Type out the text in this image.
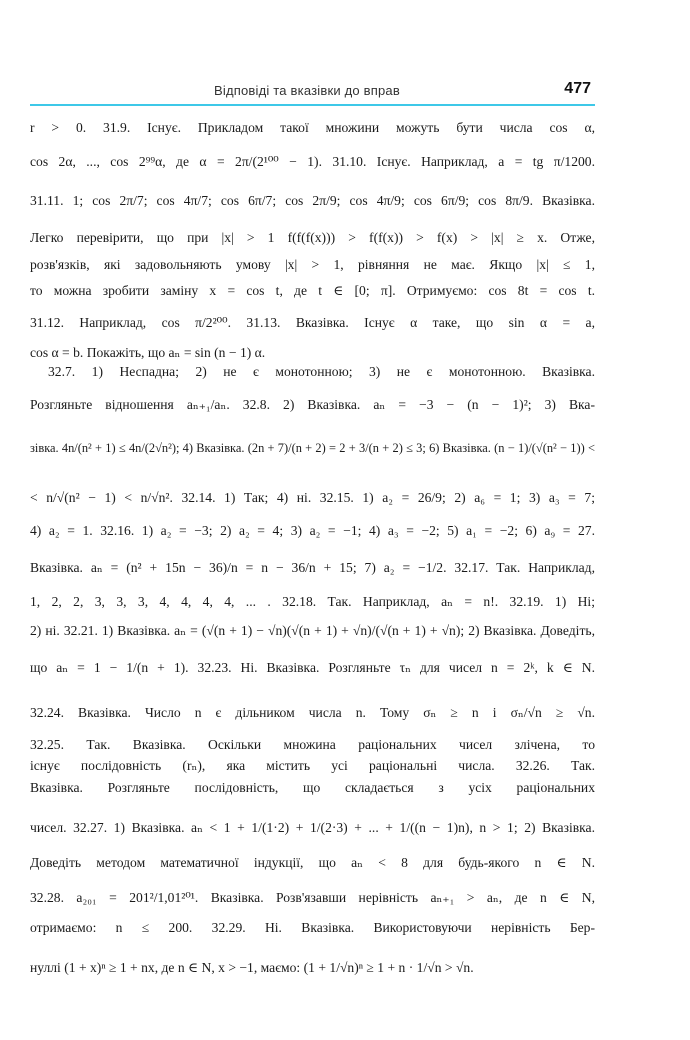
Відповіді та вказівки до вправ	477
r > 0. 31.9. Існує. Прикладом такої множини можуть бути числа cos α,
cos 2α, ..., cos 2⁹⁹α, де α = 2π/(2¹⁰⁰ − 1). 31.10. Існує. Наприклад, a = tg π/1200.
31.11. 1; cos 2π/7; cos 4π/7; cos 6π/7; cos 2π/9; cos 4π/9; cos 6π/9; cos 8π/9. Вказівка.
Легко перевірити, що при |x| > 1 f(f(f(x))) > f(f(x)) > f(x) > |x| ≥ x. Отже,
розв'язків, які задовольняють умову |x| > 1, рівняння не має. Якщо |x| ≤ 1,
то можна зробити заміну x = cos t, де t ∈ [0; π]. Отримуємо: cos 8t = cos t.
31.12. Наприклад, cos π/2²⁰⁰. 31.13. Вказівка. Існує α таке, що sin α = a,
cos α = b. Покажіть, що aₙ = sin (n − 1) α.
32.7. 1) Неспадна; 2) не є монотонною; 3) не є монотонною. Вказівка.
Розгляньте відношення aₙ₊₁/aₙ. 32.8. 2) Вказівка. aₙ = −3 − (n − 1)²; 3) Вка-
зівка. 4n/(n² + 1) ≤ 4n/(2√n²); 4) Вказівка. (2n + 7)/(n + 2) = 2 + 3/(n + 2) ≤ 3; 6) Вказівка. (n − 1)/(√(n² − 1)) <
< n/√(n² − 1) < n/√n². 32.14. 1) Так; 4) ні. 32.15. 1) a₂ = 26/9; 2) a₆ = 1; 3) a₃ = 7;
4) a₂ = 1. 32.16. 1) a₂ = −3; 2) a₂ = 4; 3) a₂ = −1; 4) a₃ = −2; 5) a₁ = −2; 6) a₉ = 27.
Вказівка. aₙ = (n² + 15n − 36)/n = n − 36/n + 15; 7) a₂ = −1/2. 32.17. Так. Наприклад,
1, 2, 2, 3, 3, 3, 4, 4, 4, 4, ... . 32.18. Так. Наприклад, aₙ = n!. 32.19. 1) Ні;
2) ні. 32.21. 1) Вказівка. aₙ = (√(n + 1) − √n)(√(n + 1) + √n)/(√(n + 1) + √n); 2) Вказівка. Доведіть,
що aₙ = 1 − 1/(n + 1). 32.23. Ні. Вказівка. Розгляньте τₙ для чисел n = 2ᵏ, k ∈ N.
32.24. Вказівка. Число n є дільником числа n. Тому σₙ ≥ n і σₙ/√n ≥ √n.
32.25. Так. Вказівка. Оскільки множина раціональних чисел злічена, то
існує послідовність (rₙ), яка містить усі раціональні числа. 32.26. Так.
Вказівка. Розгляньте послідовність, що складається з усіх раціональних
чисел. 32.27. 1) Вказівка. aₙ < 1 + 1/(1·2) + 1/(2·3) + ... + 1/((n − 1)n), n > 1; 2) Вказівка.
Доведіть методом математичної індукції, що aₙ < 8 для будь-якого n ∈ N.
32.28. a₂₀₁ = 201²/1,01²⁰¹. Вказівка. Розв'язавши нерівність aₙ₊₁ > aₙ, де n ∈ N,
отримаємо: n ≤ 200. 32.29. Ні. Вказівка. Використовуючи нерівність Бер-
нуллі (1 + x)ⁿ ≥ 1 + nx, де n ∈ N, x > −1, маємо: (1 + 1/√n)ⁿ ≥ 1 + n · 1/√n > √n.
